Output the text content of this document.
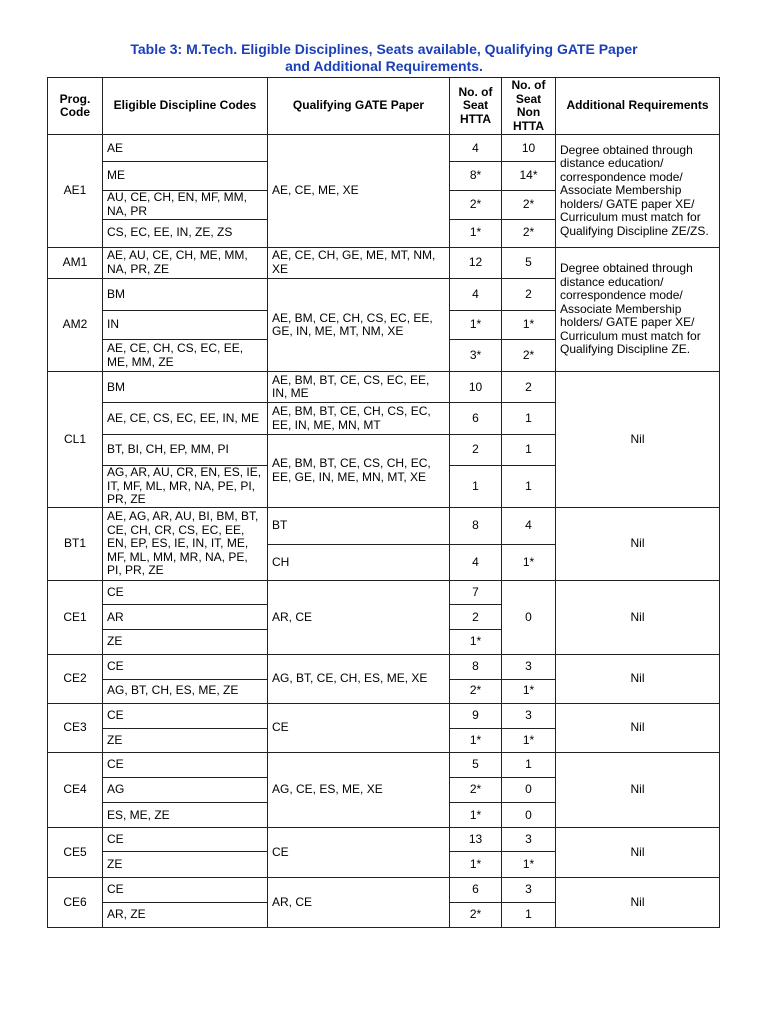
Table 3: M.Tech. Eligible Disciplines, Seats available, Qualifying GATE Paper
and Additional Requirements.
Prog. Code	Eligible Discipline Codes	Qualifying GATE Paper	No. of Seat HTTA	No. of Seat Non HTTA	Additional Requirements
AE1	AE	AE, CE, ME, XE	4	10	Degree obtained through distance education/ correspondence mode/ Associate Membership holders/ GATE paper XE/ Curriculum must match for Qualifying Discipline ZE/ZS.
	ME		8*	14*	
	AU, CE, CH, EN, MF, MM, NA, PR		2*	2*	
	CS, EC, EE, IN, ZE, ZS		1*	2*	
AM1	AE, AU, CE, CH, ME, MM, NA, PR, ZE	AE, CE, CH, GE, ME, MT, NM, XE	12	5	Degree obtained through distance education/ correspondence mode/ Associate Membership holders/ GATE paper XE/ Curriculum must match for Qualifying Discipline ZE.
AM2	BM	AE, BM, CE, CH, CS, EC, EE, GE, IN, ME, MT, NM, XE	4	2	
	IN		1*	1*	
	AE, CE, CH, CS, EC, EE, ME, MM, ZE		3*	2*	
CL1	BM	AE, BM, BT, CE, CS, EC, EE, IN, ME	10	2	Nil
	AE, CE, CS, EC, EE, IN, ME	AE, BM, BT, CE, CH, CS, EC, EE, IN, ME, MN, MT	6	1	
	BT, BI, CH, EP, MM, PI	AE, BM, BT, CE, CS, CH, EC, EE, GE, IN, ME, MN, MT, XE	2	1	
	AG, AR, AU, CR, EN, ES, IE, IT, MF, ML, MR, NA, PE, PI, PR, ZE		1	1	
BT1	AE, AG, AR, AU, BI, BM, BT, CE, CH, CR, CS, EC, EE, EN, EP, ES, IE, IN, IT, ME, MF, ML, MM, MR, NA, PE, PI, PR, ZE	BT	8	4	Nil
		CH	4	1*	
CE1	CE	AR, CE	7	0	Nil
	AR		2		
	ZE		1*		
CE2	CE	AG, BT, CE, CH, ES, ME, XE	8	3	Nil
	AG, BT, CH, ES, ME, ZE		2*	1*	
CE3	CE	CE	9	3	Nil
	ZE		1*	1*	
CE4	CE	AG, CE, ES, ME, XE	5	1	Nil
	AG		2*	0	
	ES, ME, ZE		1*	0	
CE5	CE	CE	13	3	Nil
	ZE		1*	1*	
CE6	CE	AR, CE	6	3	Nil
	AR, ZE		2*	1	
